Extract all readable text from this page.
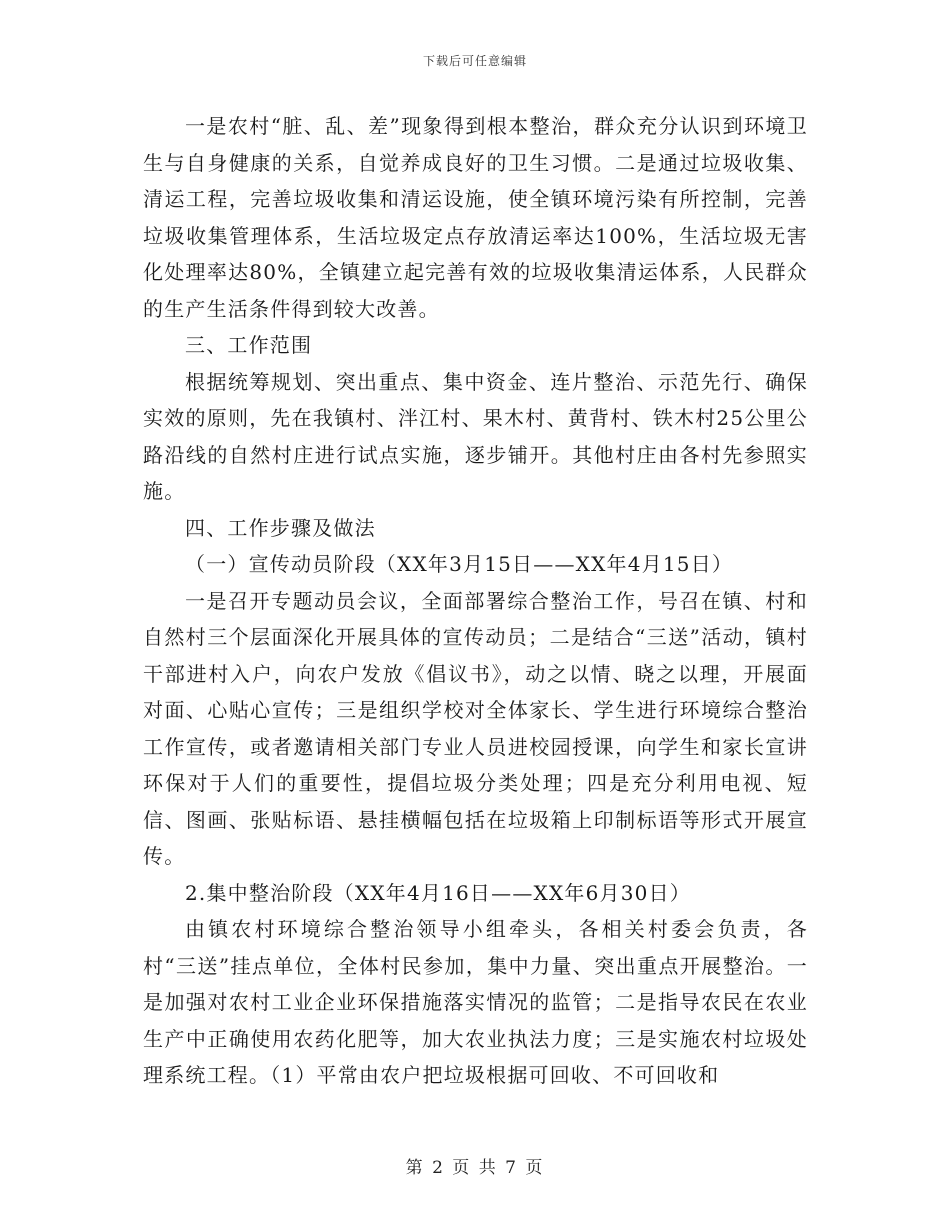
下载后可任意编辑

一是农村“脏、乱、差”现象得到根本整治，群众充分认识到环境卫生与自身健康的关系，自觉养成良好的卫生习惯。二是通过垃圾收集、清运工程，完善垃圾收集和清运设施，使全镇环境污染有所控制，完善垃圾收集管理体系，生活垃圾定点存放清运率达100%，生活垃圾无害化处理率达80%，全镇建立起完善有效的垃圾收集清运体系，人民群众的生产生活条件得到较大改善。

三、工作范围

根据统筹规划、突出重点、集中资金、连片整治、示范先行、确保实效的原则，先在我镇村、泮江村、果木村、黄背村、铁木村25公里公路沿线的自然村庄进行试点实施，逐步铺开。其他村庄由各村先参照实施。

四、工作步骤及做法

（一）宣传动员阶段（XX年3月15日——XX年4月15日）

一是召开专题动员会议，全面部署综合整治工作，号召在镇、村和自然村三个层面深化开展具体的宣传动员；二是结合“三送”活动，镇村干部进村入户，向农户发放《倡议书》，动之以情、晓之以理，开展面对面、心贴心宣传；三是组织学校对全体家长、学生进行环境综合整治工作宣传，或者邀请相关部门专业人员进校园授课，向学生和家长宣讲环保对于人们的重要性，提倡垃圾分类处理；四是充分利用电视、短信、图画、张贴标语、悬挂横幅包括在垃圾箱上印制标语等形式开展宣传。

2.集中整治阶段（XX年4月16日——XX年6月30日）

由镇农村环境综合整治领导小组牵头，各相关村委会负责，各村“三送”挂点单位，全体村民参加，集中力量、突出重点开展整治。一是加强对农村工业企业环保措施落实情况的监管；二是指导农民在农业生产中正确使用农药化肥等，加大农业执法力度；三是实施农村垃圾处理系统工程。（1）平常由农户把垃圾根据可回收、不可回收和

第 2 页 共 7 页
